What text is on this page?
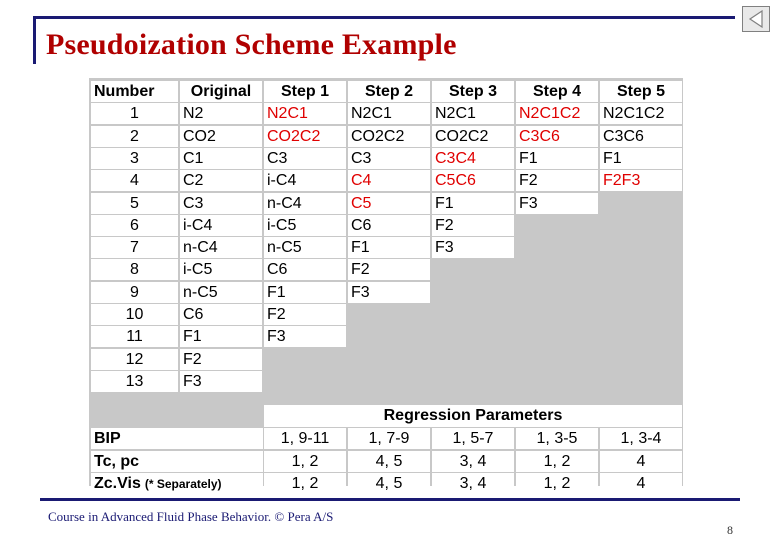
Pseudoization Scheme Example
Number	Original	Step 1	Step 2	Step 3	Step 4	Step 5
1	N2	N2C1	N2C1	N2C1	N2C1C2	N2C1C2
2	CO2	CO2C2	CO2C2	CO2C2	C3C6	C3C6
3	C1	C3	C3	C3C4	F1	F1
4	C2	i-C4	C4	C5C6	F2	F2F3
5	C3	n-C4	C5	F1	F3
6	i-C4	i-C5	C6	F2
7	n-C4	n-C5	F1	F3
8	i-C5	C6	F2
9	n-C5	F1	F3
10	C6	F2
11	F1	F3
12	F2
13	F3
Regression Parameters
BIP	1, 9-11	1, 7-9	1, 5-7	1, 3-5	1, 3-4
Tc, pc	1, 2	4, 5	3, 4	1, 2	4
Zc.Vis (* Separately)	1, 2	4, 5	3, 4	1, 2	4
Course in Advanced Fluid Phase Behavior. © Pera A/S
8
